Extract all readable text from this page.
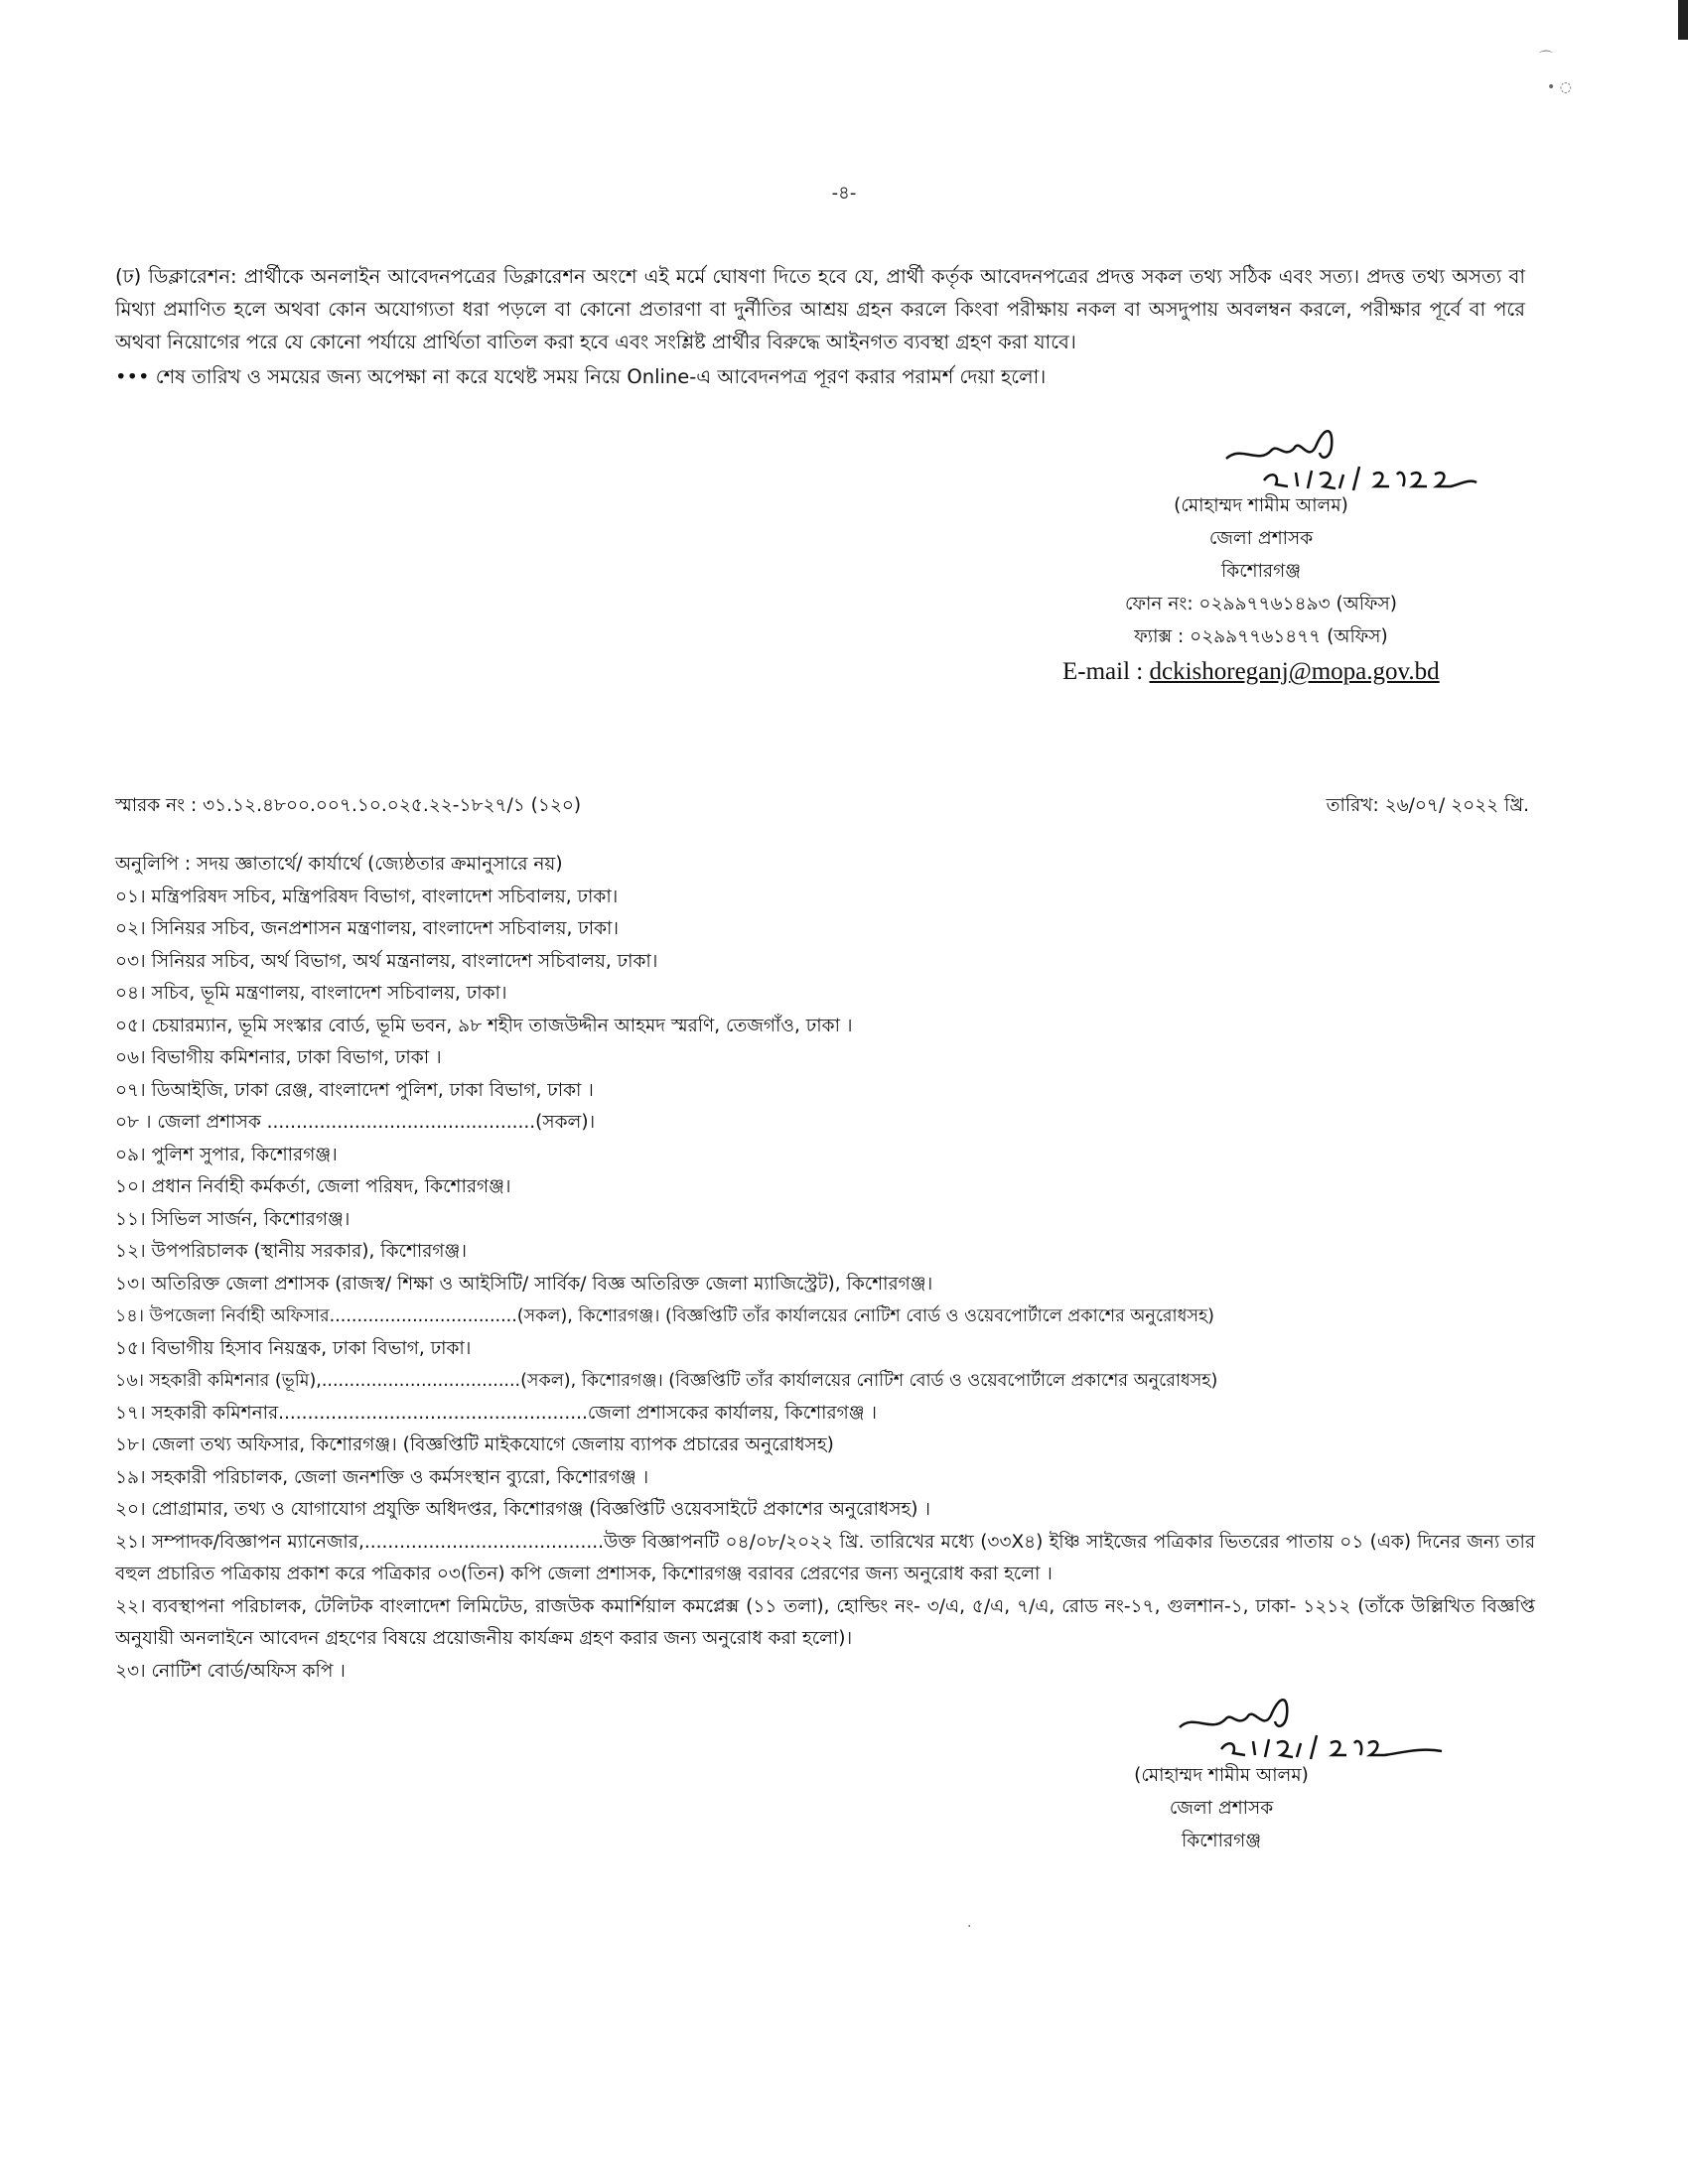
⌒
• ◌
-৪-
(ঢ) ডিক্লারেশন: প্রার্থীকে অনলাইন আবেদনপত্রের ডিক্লারেশন অংশে এই মর্মে ঘোষণা দিতে হবে যে, প্রার্থী কর্তৃক আবেদনপত্রের প্রদত্ত সকল তথ্য সঠিক এবং সত্য। প্রদত্ত তথ্য অসত্য বা মিথ্যা প্রমাণিত হলে অথবা কোন অযোগ্যতা ধরা পড়লে বা কোনো প্রতারণা বা দুর্নীতির আশ্রয় গ্রহন করলে কিংবা পরীক্ষায় নকল বা অসদুপায় অবলম্বন করলে, পরীক্ষার পূর্বে বা পরে অথবা নিয়োগের পরে যে কোনো পর্যায়ে প্রার্থিতা বাতিল করা হবে এবং সংশ্লিষ্ট প্রার্থীর বিরুদ্ধে আইনগত ব্যবস্থা গ্রহণ করা যাবে।
••• শেষ তারিখ ও সময়ের জন্য অপেক্ষা না করে যথেষ্ট সময় নিয়ে Online-এ আবেদনপত্র পূরণ করার পরামর্শ দেয়া হলো।
(মোহাম্মদ শামীম আলম)
জেলা প্রশাসক
কিশোরগঞ্জ
ফোন নং: ০২৯৯৭৭৬১৪৯৩ (অফিস)
ফ্যাক্স : ০২৯৯৭৭৬১৪৭৭ (অফিস)
E-mail : dckishoreganj@mopa.gov.bd
স্মারক নং : ৩১.১২.৪৮০০.০০৭.১০.০২৫.২২-১৮২৭/১ (১২০)	তারিখ: ২৬/০৭/ ২০২২ খ্রি.
অনুলিপি : সদয় জ্ঞাতার্থে/ কার্যার্থে (জ্যেষ্ঠতার ক্রমানুসারে নয়)
০১। মন্ত্রিপরিষদ সচিব, মন্ত্রিপরিষদ বিভাগ, বাংলাদেশ সচিবালয়, ঢাকা।
০২। সিনিয়র সচিব, জনপ্রশাসন মন্ত্রণালয়, বাংলাদেশ সচিবালয়, ঢাকা।
০৩। সিনিয়র সচিব, অর্থ বিভাগ, অর্থ মন্ত্রনালয়, বাংলাদেশ সচিবালয়, ঢাকা।
০৪। সচিব, ভূমি মন্ত্রণালয়, বাংলাদেশ সচিবালয়, ঢাকা।
০৫। চেয়ারম্যান, ভূমি সংস্কার বোর্ড, ভূমি ভবন, ৯৮ শহীদ তাজউদ্দীন আহমদ স্মরণি, তেজগাঁও, ঢাকা ।
০৬। বিভাগীয় কমিশনার, ঢাকা বিভাগ, ঢাকা ।
০৭। ডিআইজি, ঢাকা রেঞ্জ, বাংলাদেশ পুলিশ, ঢাকা বিভাগ, ঢাকা ।
০৮ । জেলা প্রশাসক ..............................................(সকল)।
০৯। পুলিশ সুপার, কিশোরগঞ্জ।
১০। প্রধান নির্বাহী কর্মকর্তা, জেলা পরিষদ, কিশোরগঞ্জ।
১১। সিভিল সার্জন, কিশোরগঞ্জ।
১২। উপপরিচালক (স্থানীয় সরকার), কিশোরগঞ্জ।
১৩। অতিরিক্ত জেলা প্রশাসক (রাজস্ব/ শিক্ষা ও আইসিটি/ সার্বিক/ বিজ্ঞ অতিরিক্ত জেলা ম্যাজিস্ট্রেট), কিশোরগঞ্জ।
১৪। উপজেলা নির্বাহী অফিসার..................................(সকল), কিশোরগঞ্জ। (বিজ্ঞপ্তিটি তাঁর কার্যালয়ের নোটিশ বোর্ড ও ওয়েবপোর্টালে প্রকাশের অনুরোধসহ)
১৫। বিভাগীয় হিসাব নিয়ন্ত্রক, ঢাকা বিভাগ, ঢাকা।
১৬। সহকারী কমিশনার (ভূমি),....................................(সকল), কিশোরগঞ্জ। (বিজ্ঞপ্তিটি তাঁর কার্যালয়ের নোটিশ বোর্ড ও ওয়েবপোর্টালে প্রকাশের অনুরোধসহ)
১৭। সহকারী কমিশনার.....................................................জেলা প্রশাসকের কার্যালয়, কিশোরগঞ্জ ।
১৮। জেলা তথ্য অফিসার, কিশোরগঞ্জ। (বিজ্ঞপ্তিটি মাইকযোগে জেলায় ব্যাপক প্রচারের অনুরোধসহ)
১৯। সহকারী পরিচালক, জেলা জনশক্তি ও কর্মসংস্থান ব্যুরো, কিশোরগঞ্জ ।
২০। প্রোগ্রামার, তথ্য ও যোগাযোগ প্রযুক্তি অধিদপ্তর, কিশোরগঞ্জ (বিজ্ঞপ্তিটি ওয়েবসাইটে প্রকাশের অনুরোধসহ) ।
২১। সম্পাদক/বিজ্ঞাপন ম্যানেজার,.........................................উক্ত বিজ্ঞাপনটি ০৪/০৮/২০২২ খ্রি. তারিখের মধ্যে (৩৩X৪) ইঞ্চি সাইজের পত্রিকার ভিতরের পাতায় ০১ (এক) দিনের জন্য তার বহুল প্রচারিত পত্রিকায় প্রকাশ করে পত্রিকার ০৩(তিন) কপি জেলা প্রশাসক, কিশোরগঞ্জ বরাবর প্রেরণের জন্য অনুরোধ করা হলো ।
২২। ব্যবস্থাপনা পরিচালক, টেলিটক বাংলাদেশ লিমিটেড, রাজউক কমার্শিয়াল কমপ্লেক্স (১১ তলা), হোল্ডিং নং- ৩/এ, ৫/এ, ৭/এ, রোড নং-১৭, গুলশান-১, ঢাকা- ১২১২ (তাঁকে উল্লিখিত বিজ্ঞপ্তি অনুযায়ী অনলাইনে আবেদন গ্রহণের বিষয়ে প্রয়োজনীয় কার্যক্রম গ্রহণ করার জন্য অনুরোধ করা হলো)।
২৩। নোটিশ বোর্ড/অফিস কপি ।
(মোহাম্মদ শামীম আলম)
জেলা প্রশাসক
কিশোরগঞ্জ
·
